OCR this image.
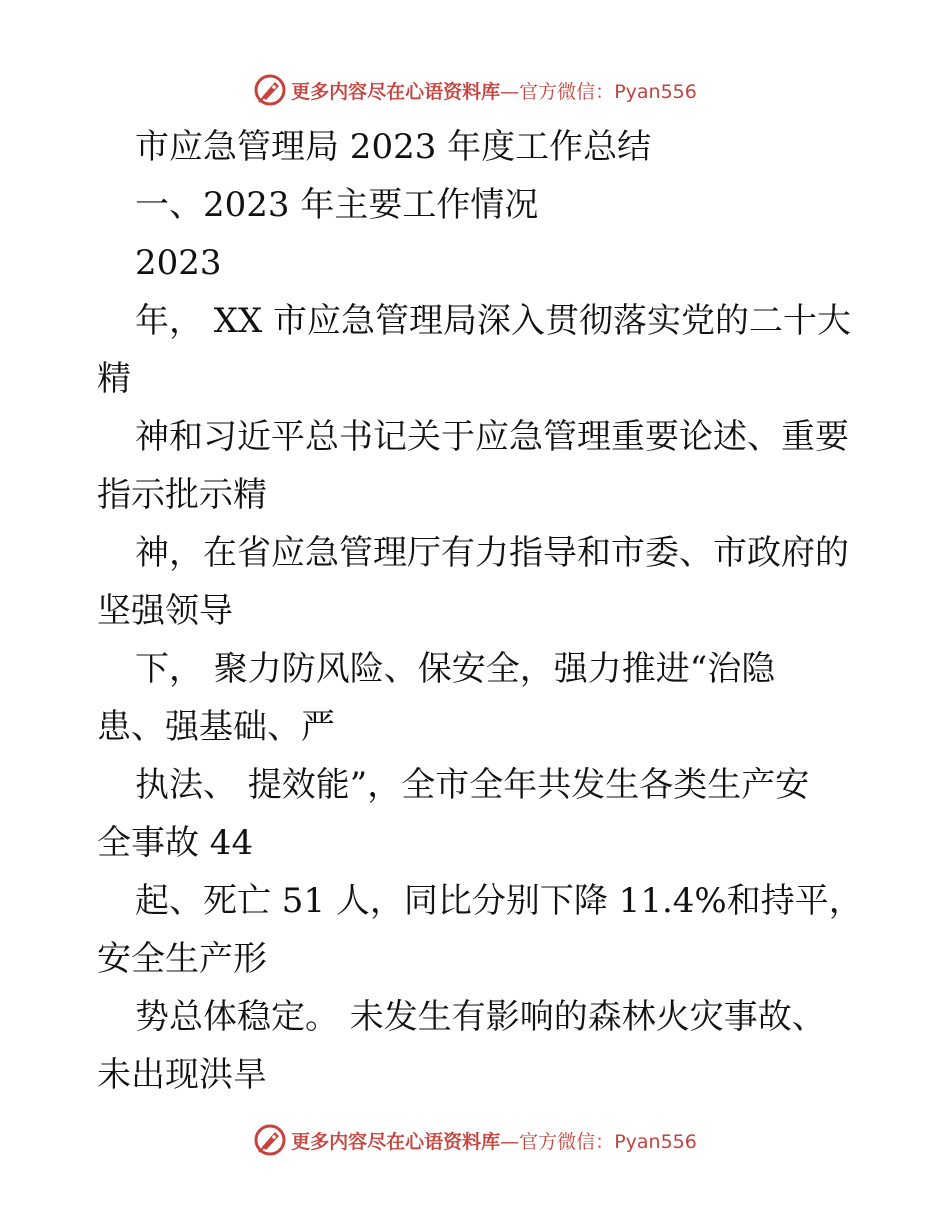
更多内容尽在心语资料库—官方微信：Pyan556
市应急管理局 2023 年度工作总结
一、2023 年主要工作情况
2023
年， XX 市应急管理局深入贯彻落实党的二十大
精
神和习近平总书记关于应急管理重要论述、重要
指示批示精
神，在省应急管理厅有力指导和市委、市政府的
坚强领导
下， 聚力防风险、保安全，强力推进“治隐
患、强基础、严
执法、 提效能”，全市全年共发生各类生产安
全事故 44
起、死亡 51 人，同比分别下降 11.4%和持平，
安全生产形
势总体稳定。 未发生有影响的森林火灾事故、
未出现洪旱
更多内容尽在心语资料库—官方微信：Pyan556
